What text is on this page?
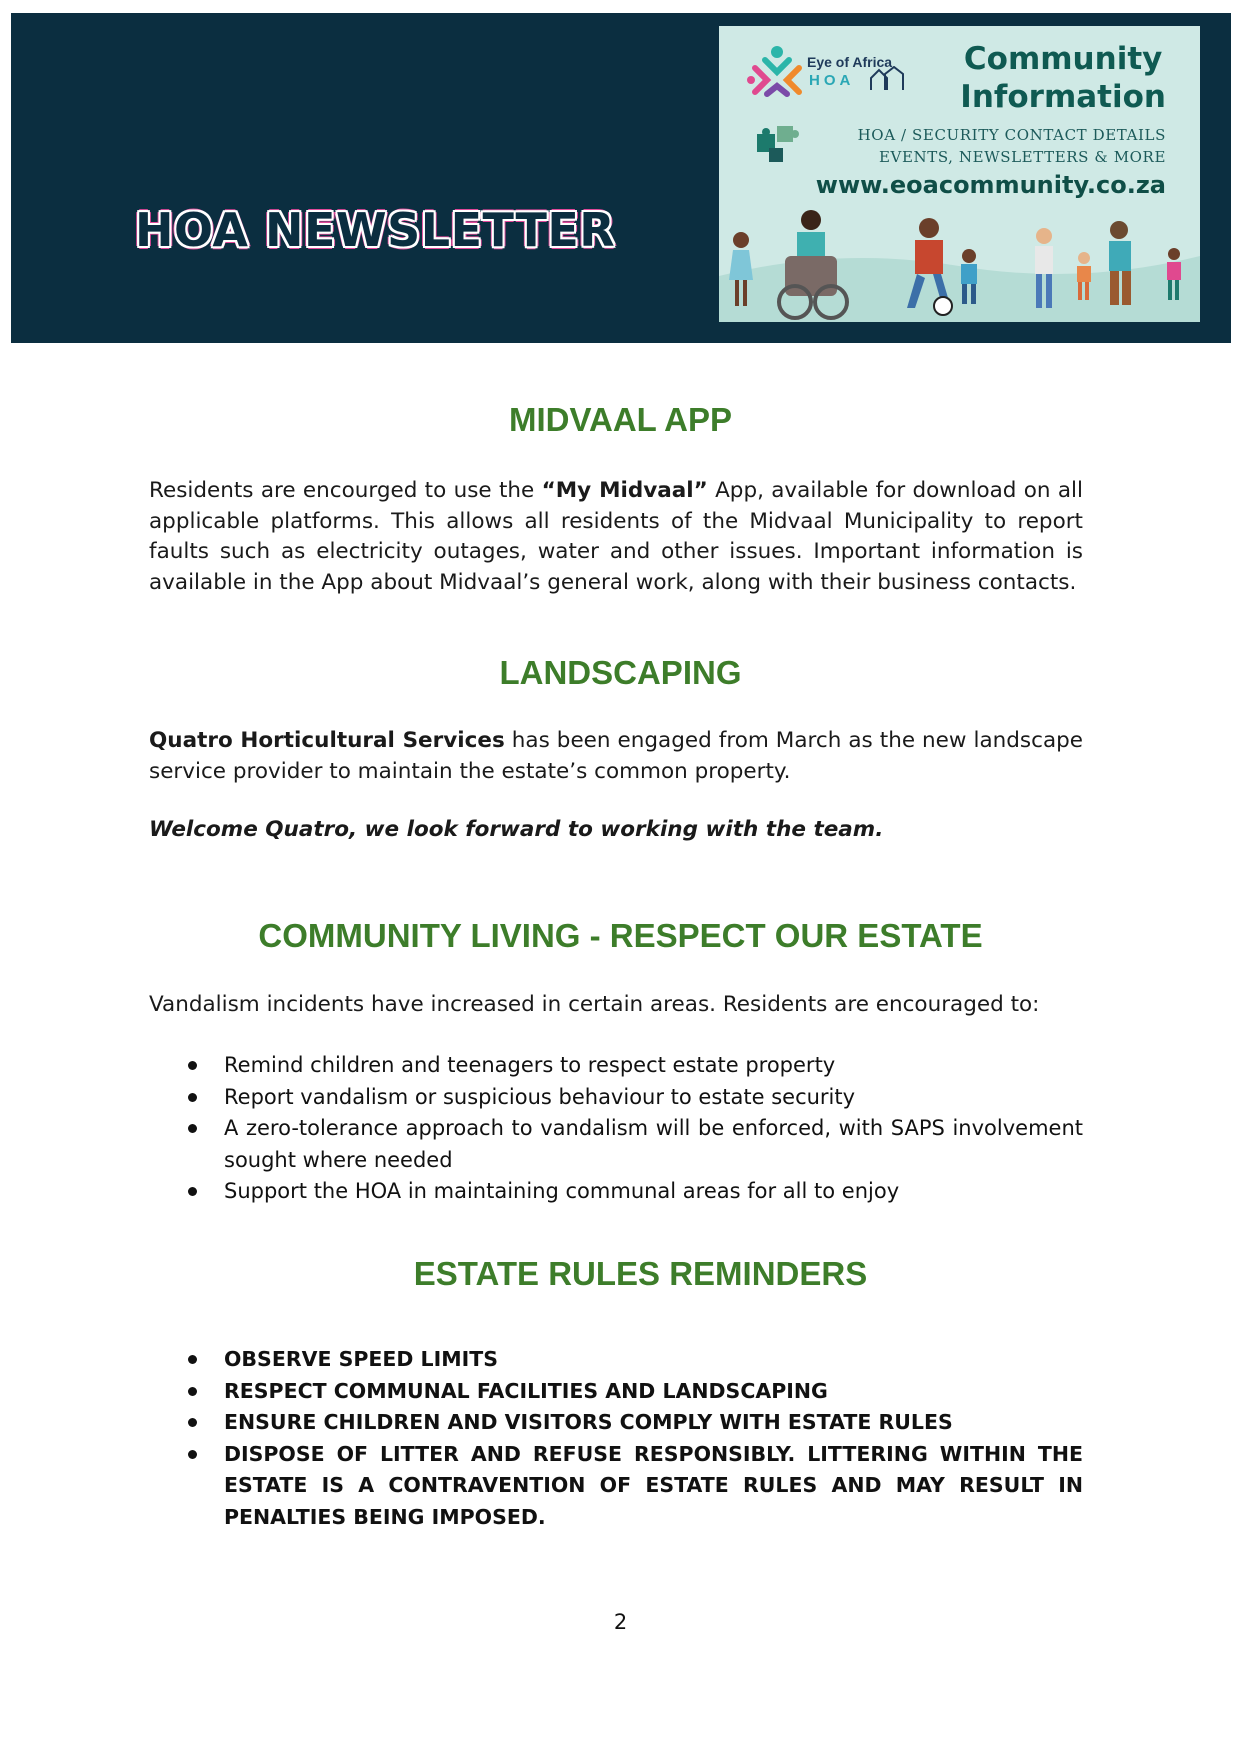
HOA NEWSLETTER
Eye of Africa
HOA
Community
Information
HOA / SECURITY CONTACT DETAILS
EVENTS, NEWSLETTERS & MORE
www.eoacommunity.co.za
MIDVAAL APP
Residents are encourged to use the “My Midvaal” App, available for download on all applicable platforms. This allows all residents of the Midvaal Municipality to report faults such as electricity outages, water and other issues. Important information is available in the App about Midvaal’s general work, along with their business contacts.
LANDSCAPING
Quatro Horticultural Services has been engaged from March as the new landscape service provider to maintain the estate’s common property.
Welcome Quatro, we look forward to working with the team.
COMMUNITY LIVING - RESPECT OUR ESTATE
Vandalism incidents have increased in certain areas. Residents are encouraged to:
Remind children and teenagers to respect estate property
Report vandalism or suspicious behaviour to estate security
A zero-tolerance approach to vandalism will be enforced, with SAPS involvement sought where needed
Support the HOA in maintaining communal areas for all to enjoy
ESTATE RULES REMINDERS
OBSERVE SPEED LIMITS
RESPECT COMMUNAL FACILITIES AND LANDSCAPING
ENSURE CHILDREN AND VISITORS COMPLY WITH ESTATE RULES
DISPOSE OF LITTER AND REFUSE RESPONSIBLY. LITTERING WITHIN THE ESTATE IS A CONTRAVENTION OF ESTATE RULES AND MAY RESULT IN PENALTIES BEING IMPOSED.
2
